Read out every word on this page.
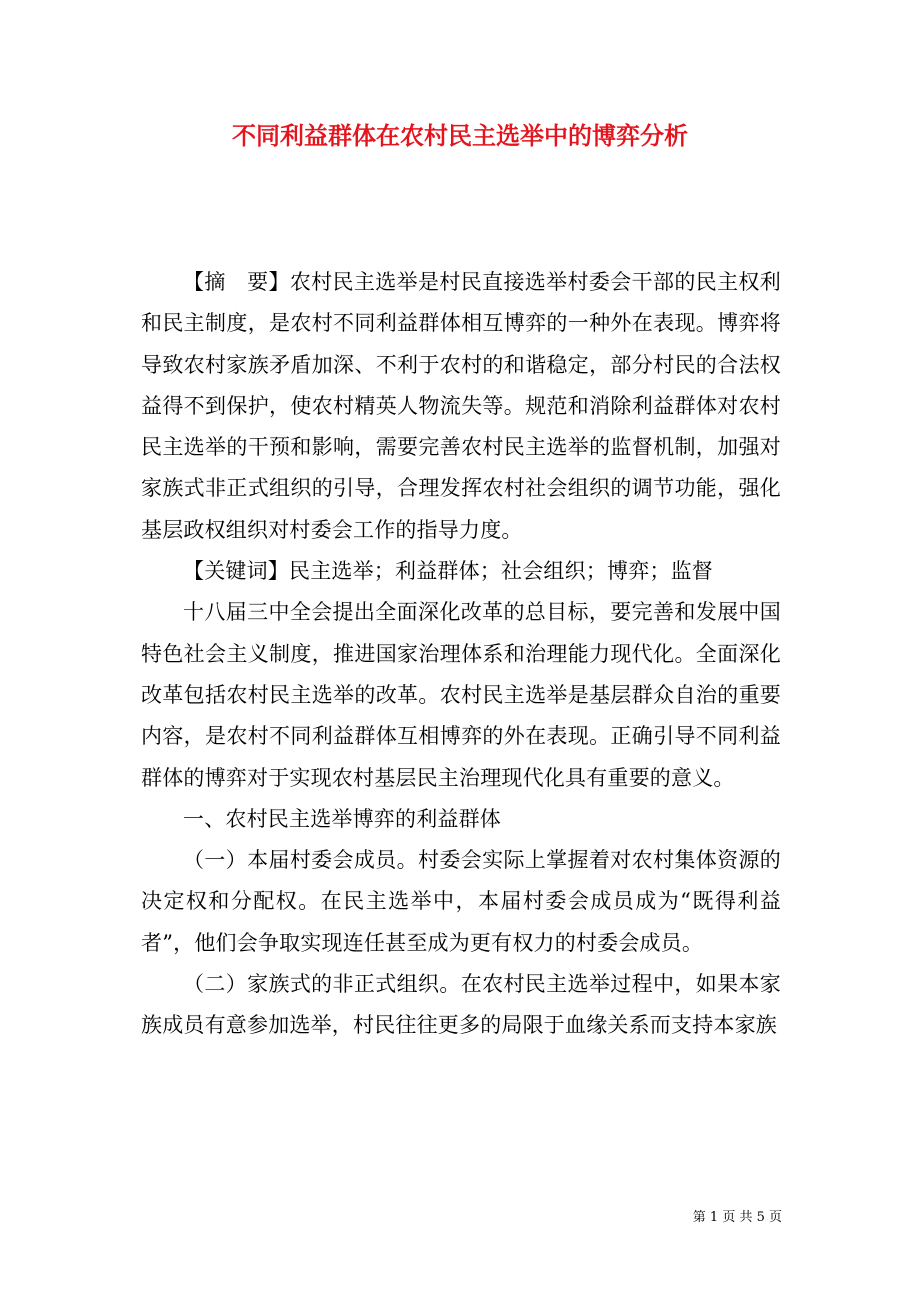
不同利益群体在农村民主选举中的博弈分析

【摘　要】农村民主选举是村民直接选举村委会干部的民主权利和民主制度，是农村不同利益群体相互博弈的一种外在表现。博弈将导致农村家族矛盾加深、不利于农村的和谐稳定，部分村民的合法权益得不到保护，使农村精英人物流失等。规范和消除利益群体对农村民主选举的干预和影响，需要完善农村民主选举的监督机制，加强对家族式非正式组织的引导，合理发挥农村社会组织的调节功能，强化基层政权组织对村委会工作的指导力度。

【关键词】民主选举；利益群体；社会组织；博弈；监督

十八届三中全会提出全面深化改革的总目标，要完善和发展中国特色社会主义制度，推进国家治理体系和治理能力现代化。全面深化改革包括农村民主选举的改革。农村民主选举是基层群众自治的重要内容，是农村不同利益群体互相博弈的外在表现。正确引导不同利益群体的博弈对于实现农村基层民主治理现代化具有重要的意义。

一、农村民主选举博弈的利益群体

（一）本届村委会成员。村委会实际上掌握着对农村集体资源的决定权和分配权。在民主选举中，本届村委会成员成为“既得利益者”，他们会争取实现连任甚至成为更有权力的村委会成员。

（二）家族式的非正式组织。在农村民主选举过程中，如果本家族成员有意参加选举，村民往往更多的局限于血缘关系而支持本家族

第 1 页 共 5 页
